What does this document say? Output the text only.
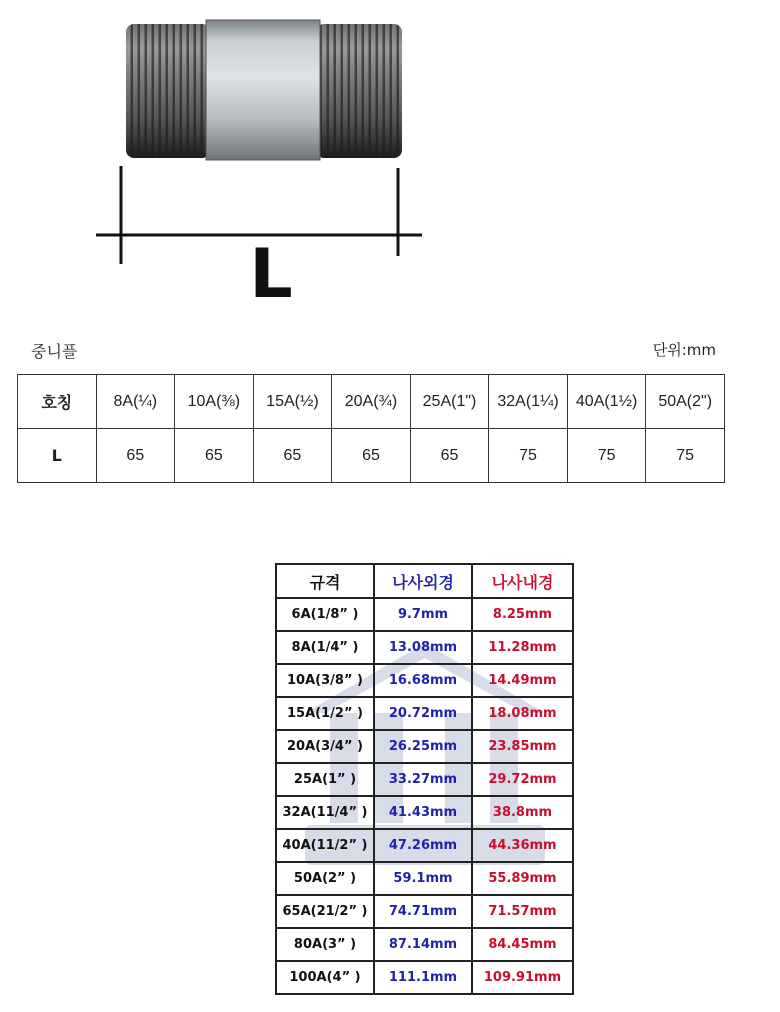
L
중니플	단위:mm
호칭	8A(¼)	10A(⅜)	15A(½)	20A(¾)	25A(1")	32A(1¼)	40A(1½)	50A(2")
L	65	65	65	65	65	75	75	75
규격	나사외경	나사내경
6A(1/8” )	9.7mm	8.25mm
8A(1/4” )	13.08mm	11.28mm
10A(3/8” )	16.68mm	14.49mm
15A(1/2” )	20.72mm	18.08mm
20A(3/4” )	26.25mm	23.85mm
25A(1” )	33.27mm	29.72mm
32A(11/4” )	41.43mm	38.8mm
40A(11/2” )	47.26mm	44.36mm
50A(2” )	59.1mm	55.89mm
65A(21/2” )	74.71mm	71.57mm
80A(3” )	87.14mm	84.45mm
100A(4” )	111.1mm	109.91mm
